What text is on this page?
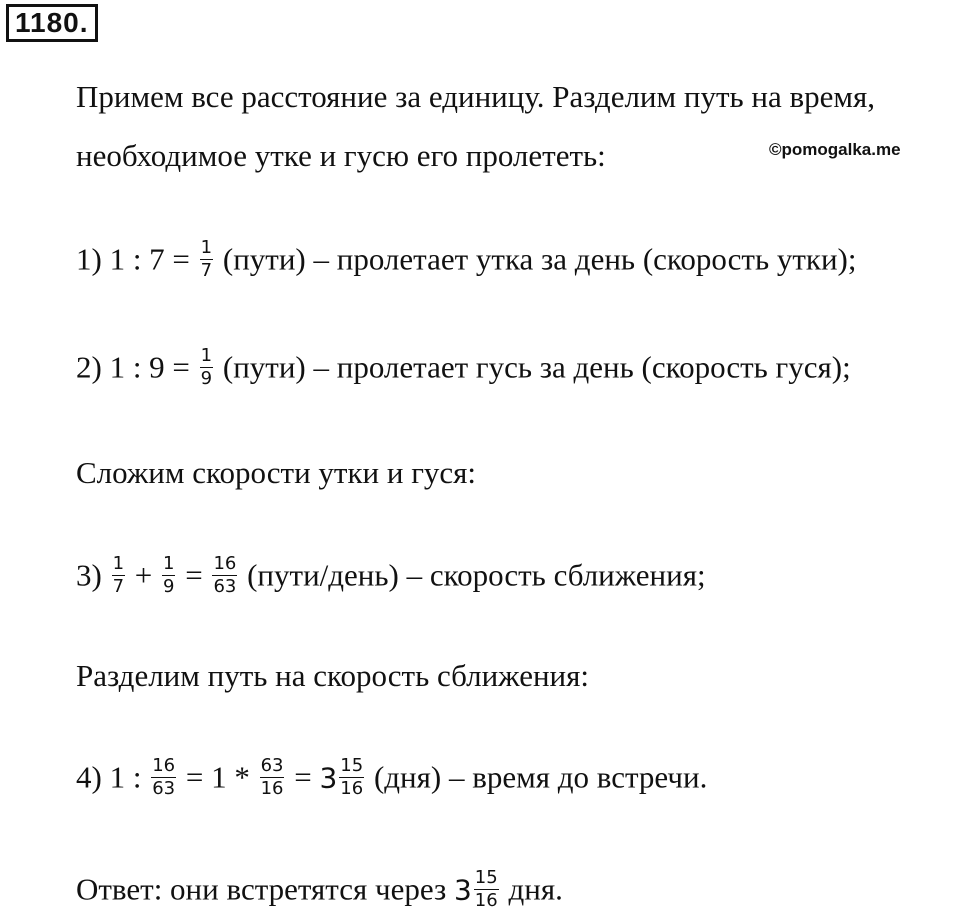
1180.
Примем все расстояние за единицу. Разделим путь на время,
необходимое утке и гусю его пролететь:	©pomogalka.me
1) 1 : $7 = \frac{1}{7}$ (пути) – пролетает утка за день (скорость утки);
2) 1 : $9 = \frac{1}{9}$ (пути) – пролетает гусь за день (скорость гуся);
Сложим скорости утки и гуся:
$3) \frac{1}{7} + \frac{1}{9} = \frac{16}{63}$ (пути/день) – скорость сближения;
Разделим путь на скорость сближения:
4) 1 : $\frac{16}{63} = 1 * \frac{63}{16} = 3 \frac{15}{16} (дня)$ – время до встречи.
Ответ: они встретятся через $3 \frac{15}{16}$ дня.
